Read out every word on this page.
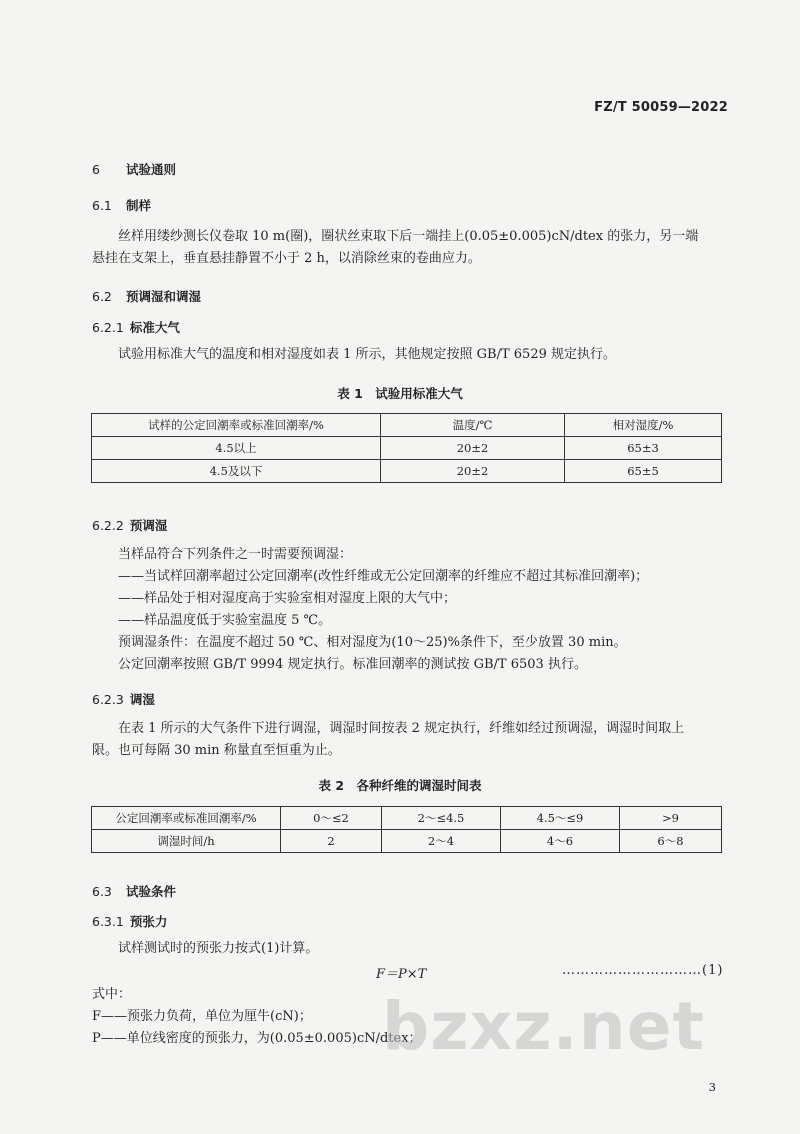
FZ/T 50059—2022
6 试验通则
6.1 制样
丝样用缕纱测长仪卷取 10 m(圈)，圈状丝束取下后一端挂上(0.05±0.005)cN/dtex 的张力，另一端
悬挂在支架上，垂直悬挂静置不小于 2 h，以消除丝束的卷曲应力。
6.2 预调湿和调湿
6.2.1 标准大气
试验用标准大气的温度和相对湿度如表 1 所示，其他规定按照 GB/T 6529 规定执行。
表 1　试验用标准大气
试样的公定回潮率或标准回潮率/%	温度/℃	相对湿度/%
4.5以上	20±2	65±3
4.5及以下	20±2	65±5
6.2.2 预调湿
当样品符合下列条件之一时需要预调湿：
——当试样回潮率超过公定回潮率(改性纤维或无公定回潮率的纤维应不超过其标准回潮率)；
——样品处于相对湿度高于实验室相对湿度上限的大气中；
——样品温度低于实验室温度 5 ℃。
预调湿条件：在温度不超过 50 ℃、相对湿度为(10～25)%条件下，至少放置 30 min。
公定回潮率按照 GB/T 9994 规定执行。标准回潮率的测试按 GB/T 6503 执行。
6.2.3 调湿
在表 1 所示的大气条件下进行调湿，调湿时间按表 2 规定执行，纤维如经过预调湿，调湿时间取上
限。也可每隔 30 min 称量直至恒重为止。
表 2　各种纤维的调湿时间表
公定回潮率或标准回潮率/%	0～≤2	2～≤4.5	4.5～≤9	>9
调湿时间/h	2	2～4	4～6	6～8
6.3 试验条件
6.3.1 预张力
试样测试时的预张力按式(1)计算。
F＝P×T	…………………………(1)
式中：
F——预张力负荷，单位为厘牛(cN)；
P——单位线密度的预张力，为(0.05±0.005)cN/dtex；
bzxz.net
3
